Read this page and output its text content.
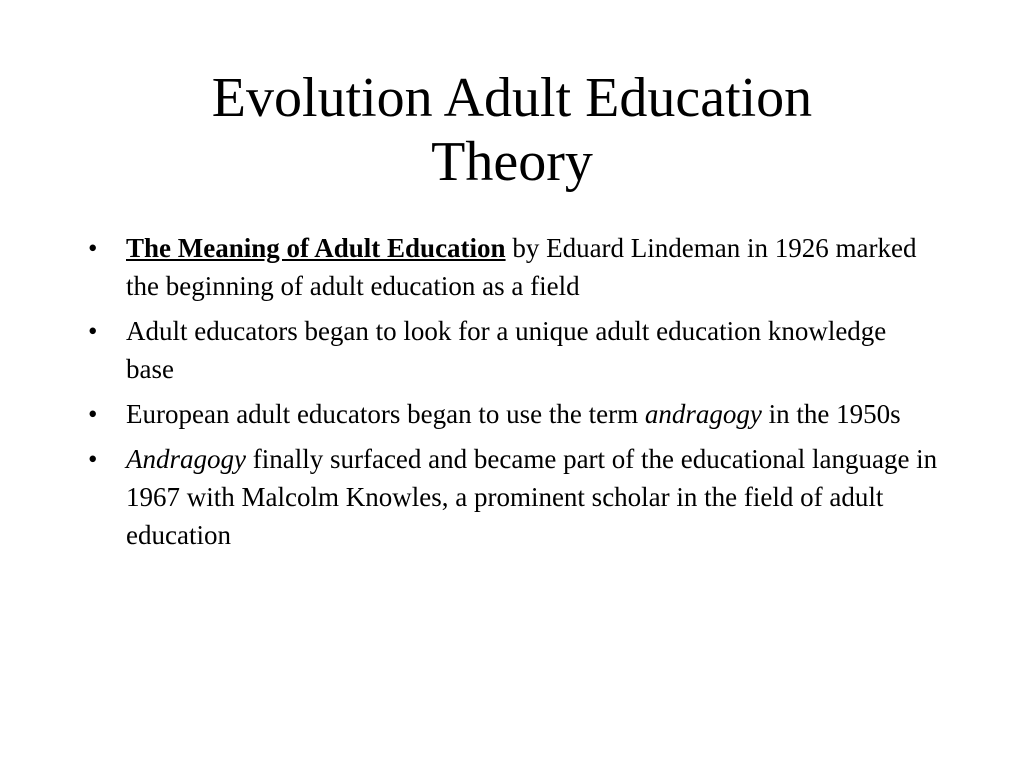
Evolution Adult Education
Theory
•	The Meaning of Adult Education by Eduard Lindeman in 1926 marked the beginning of adult education as a field
•	Adult educators began to look for a unique adult education knowledge base
•	European adult educators began to use the term andragogy in the 1950s
•	Andragogy finally surfaced and became part of the educational language in 1967 with Malcolm Knowles, a prominent scholar in the field of adult education
